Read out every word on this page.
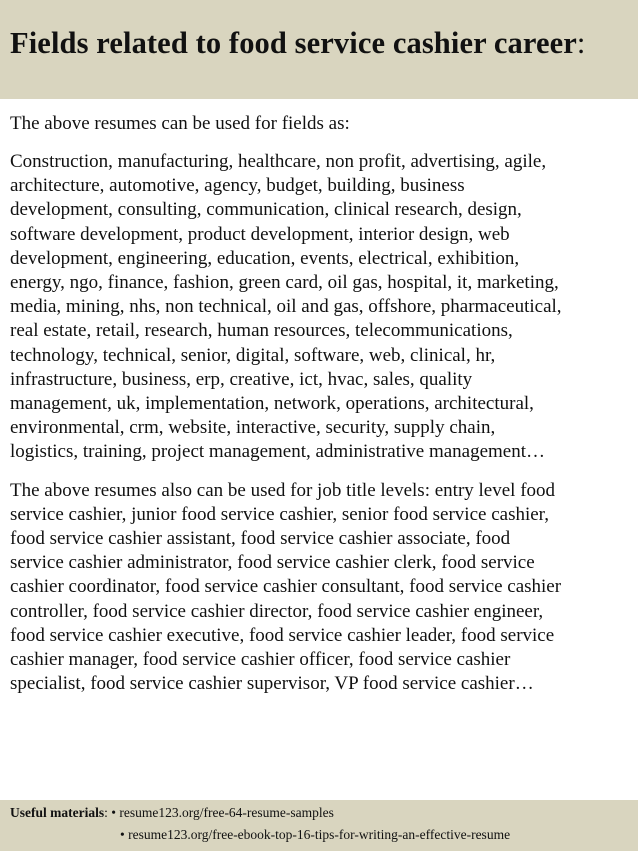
Fields related to food service cashier career:

The above resumes can be used for fields as:

Construction, manufacturing, healthcare, non profit, advertising, agile,
architecture, automotive, agency, budget, building, business
development, consulting, communication, clinical research, design,
software development, product development, interior design, web
development, engineering, education, events, electrical, exhibition,
energy, ngo, finance, fashion, green card, oil gas, hospital, it, marketing,
media, mining, nhs, non technical, oil and gas, offshore, pharmaceutical,
real estate, retail, research, human resources, telecommunications,
technology, technical, senior, digital, software, web, clinical, hr,
infrastructure, business, erp, creative, ict, hvac, sales, quality
management, uk, implementation, network, operations, architectural,
environmental, crm, website, interactive, security, supply chain,
logistics, training, project management, administrative management…

The above resumes also can be used for job title levels: entry level food
service cashier, junior food service cashier, senior food service cashier,
food service cashier assistant, food service cashier associate, food
service cashier administrator, food service cashier clerk, food service
cashier coordinator, food service cashier consultant, food service cashier
controller, food service cashier director, food service cashier engineer,
food service cashier executive, food service cashier leader, food service
cashier manager, food service cashier officer, food service cashier
specialist, food service cashier supervisor, VP food service cashier…

Useful materials: • resume123.org/free-64-resume-samples
• resume123.org/free-ebook-top-16-tips-for-writing-an-effective-resume
